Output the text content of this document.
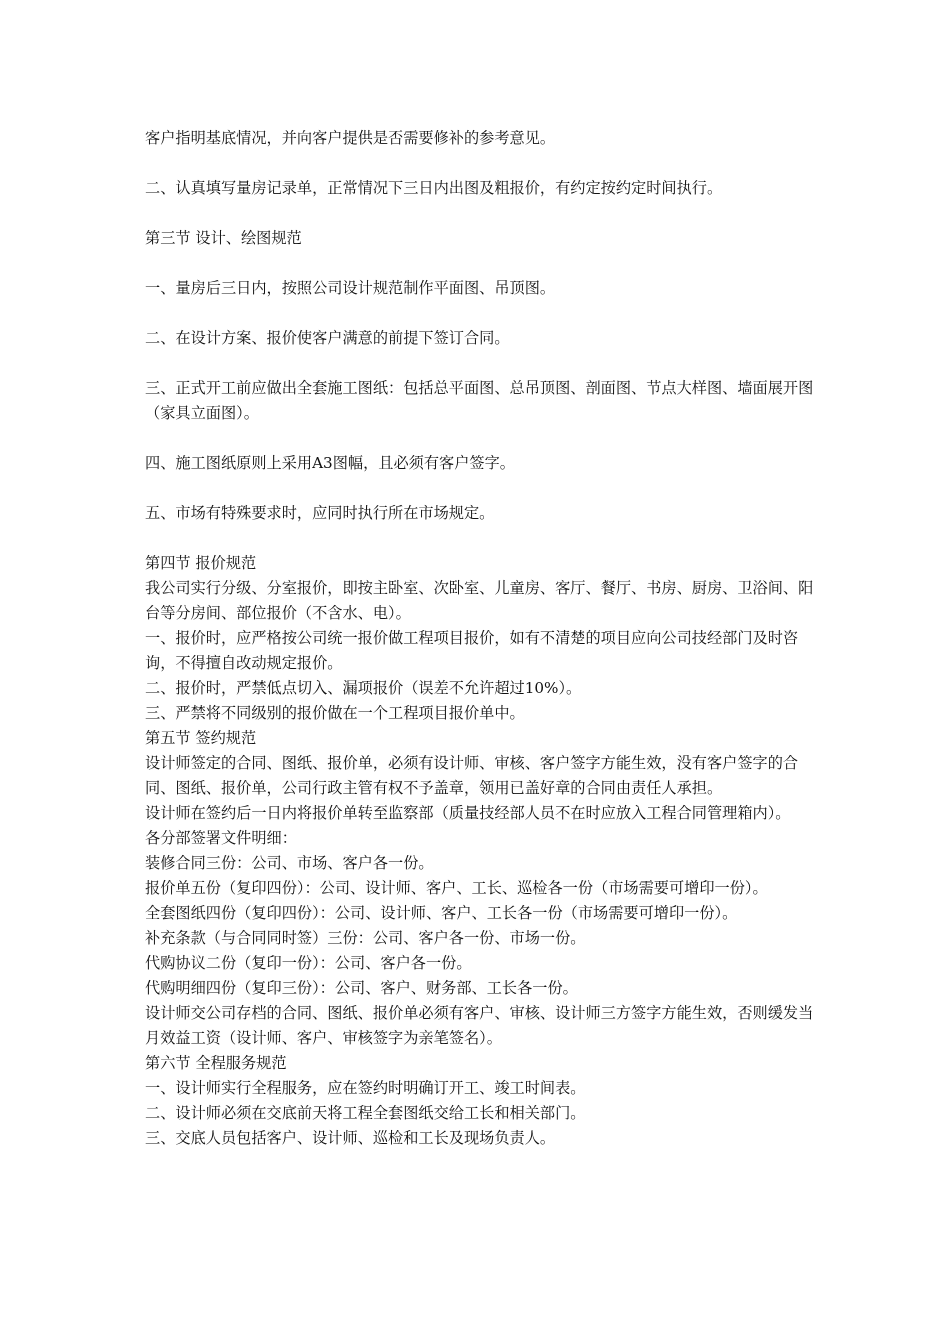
客户指明基底情况，并向客户提供是否需要修补的参考意见。

二、认真填写量房记录单，正常情况下三日内出图及粗报价，有约定按约定时间执行。

第三节 设计、绘图规范

一、量房后三日内，按照公司设计规范制作平面图、吊顶图。

二、在设计方案、报价使客户满意的前提下签订合同。

三、正式开工前应做出全套施工图纸：包括总平面图、总吊顶图、剖面图、节点大样图、墙面展开图（家具立面图）。

四、施工图纸原则上采用A3图幅，且必须有客户签字。

五、市场有特殊要求时，应同时执行所在市场规定。

第四节 报价规范

我公司实行分级、分室报价，即按主卧室、次卧室、儿童房、客厅、餐厅、书房、厨房、卫浴间、阳台等分房间、部位报价（不含水、电）。

一、报价时，应严格按公司统一报价做工程项目报价，如有不清楚的项目应向公司技经部门及时咨询，不得擅自改动规定报价。

二、报价时，严禁低点切入、漏项报价（误差不允许超过10%）。

三、严禁将不同级别的报价做在一个工程项目报价单中。

第五节 签约规范

设计师签定的合同、图纸、报价单，必须有设计师、审核、客户签字方能生效，没有客户签字的合同、图纸、报价单，公司行政主管有权不予盖章，领用已盖好章的合同由责任人承担。

设计师在签约后一日内将报价单转至监察部（质量技经部人员不在时应放入工程合同管理箱内）。

各分部签署文件明细：

装修合同三份：公司、市场、客户各一份。

报价单五份（复印四份）：公司、设计师、客户、工长、巡检各一份（市场需要可增印一份）。

全套图纸四份（复印四份）：公司、设计师、客户、工长各一份（市场需要可增印一份）。

补充条款（与合同同时签）三份：公司、客户各一份、市场一份。

代购协议二份（复印一份）：公司、客户各一份。

代购明细四份（复印三份）：公司、客户、财务部、工长各一份。

设计师交公司存档的合同、图纸、报价单必须有客户、审核、设计师三方签字方能生效，否则缓发当月效益工资（设计师、客户、审核签字为亲笔签名）。

第六节 全程服务规范

一、设计师实行全程服务，应在签约时明确订开工、竣工时间表。

二、设计师必须在交底前天将工程全套图纸交给工长和相关部门。

三、交底人员包括客户、设计师、巡检和工长及现场负责人。
